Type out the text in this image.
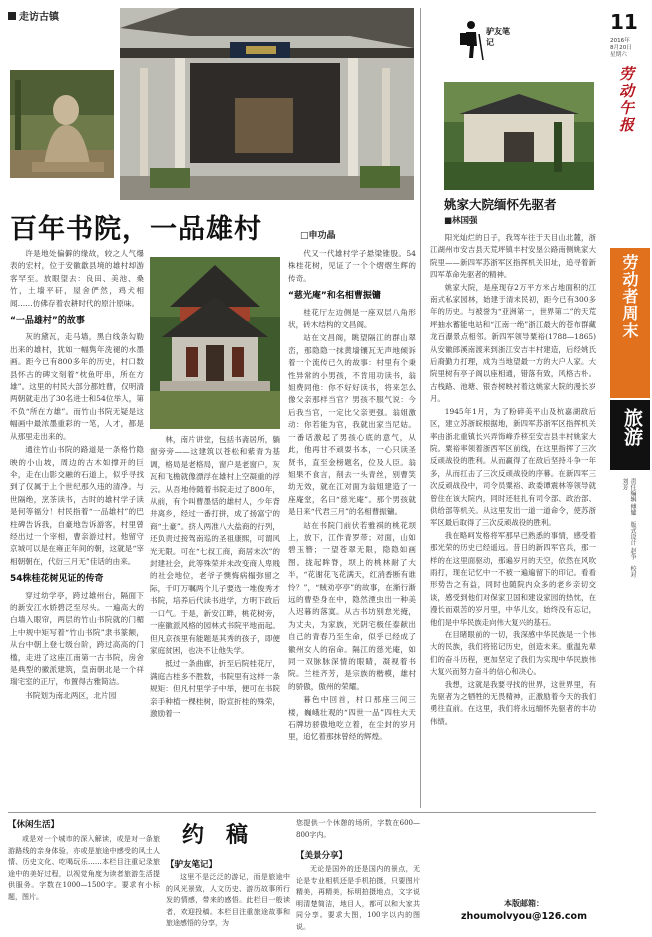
走访古镇
百年书院，一品雄村	□申功晶

许是地处偏僻的缘故，较之人气爆表的宏村，位于安徽歙县境的雄村却游客罕至。放眼望去：良田、美池、桑竹，土墙平矸，屋舍俨然，鸡犬相闻……仿佛存着农耕时代的原汁原味。

“一品雄村”的故事

灰的黛瓦，走马墙，黑白线条勾勒出来的雄村，犹如一幅隽年洗褪的水墨画。距今已有800多年的历史，村口数县怀古的碑文刻着“枕鱼吁串，所在方雄”。这里的村民大部分都姓曹，仅明清两朝就走出了30名进士和54位举人，第不负“所在方雄”。而竹山书院无疑是这幅画中最浓墨重彩的一笔，人才，都是从那里走出来的。

通往竹山书院的路道是一条格竹隐映的小山坡，周边的古木如撑开的巨伞，走在山影交融的石道上，似乎寻找到了仅属于上个世纪那久违的清净。与世隔绝，烹茶读书，古时的雄村学子读是何等福分！村民指着“一品雄村”的巴柱碑告诉我，自豪地告诉游客，村里曾经出过一个宰相，曹亲游过村，他留守京城可以是在雍正年间的朝，这就是“宰相朝朝在，代衍三月无”佳话的由来。

54株桂花树见证的传奇

穿过幼学亭，跨过雄州台，隔面下的新安江水娇碧泛至尽头。一遍高大的白墙入眼帘，两层的竹山书院就的门楣上中规中矩写着“竹山书院”隶书篆额，从台中朝上登七级台阶，跨过高高的门槛，走进了这座江南第一古书院，房舍是典型的徽派建筑，皇南朝北是一个祥瑞宅室的正厅，布置得古雅简洁。

书院划为南北两区，北片园

林，南片讲堂，包括书斋居所，躺窗旁旁——这建筑以苍松和紫青为基调，格局是老格局，窗户是老窗户，灰瓦和飞檐就像漂浮在雄村上空凝重的浮云。从吾地侍随着书院走过了800年，从前，有个叫曹墨恬的雄村人，少年背井离乡，经过一番打拼，成了扬富宁的商“土豪”。挤人两准八大盐商的行列，还负责过接驾南巡的圣祖康熙，可谓风光无限。可在“七叔工商，商居末次”的封建社会，此等殊荣并未改变商人卑贱的社会地位，老爷子懊悔病榻弥留之际，千叮万嘱两个儿子要选一堆俊秀才书院，培养后代读书进学，方明下政后一口气。于是，新安江畔，桃花树旁，一座徽派风格的园林式书院平地而起。但凡京孩里有能题是其秀的孩子，即便家庭贫困，也决不让他失学。

抵过一条曲廊，折至后院桂花厅，满庭古桂多不胜数，书院里有这样一条规矩：但凡村里学子中举，便可在书院亲手种植一棵桂树，盼宣折桂的殊荣，激励着一

代又一代雄村学子悬梁锥股。54株桂花树，见证了一个个熠熠生辉的传奇。

“慈光庵”和名相曹振镛

桂花厅左边侧是一座双层八角形状，砖木结构的文昌阁。

站在文昌阁，眺望隔江的群山翠峦，那隐隐一抹黄墙镶瓦无声地倾诉着一个流传已久的故事：村里有个秉性异常的小男孩，不肯用功读书，翁姐费同他：你不好好读书，将来怎么像父亲那样当官？男孩不服气说：今后我当官，一定比父亲更强。翁姐激动：你若能为官，我就出家当尼姑。一番话激起了男孩心底的意气，从此，他再甘不顽耍书本，一心只读圣贤书，直至金榜题名，位及人臣。翁姐果不食言，削去一头青丝，别曹笑幼无效，就在江对面为翁姐建造了一座庵堂，名曰“慈光庵”。那个男孩就是日来“代君三月”的名相曹振镛。

站在书院门前伏若雅祺的桃花坝上，放下，江作青罗带；对面，山如碧玉簪；一望苍翠无限，隐隐如画图。拢起眸脊，坝上的桃林耐了大半，“花谢花飞花满天，红消香断有谁怜？”，“贼劝亭亭”的故事，在渐行渐远的曹垫身在中，隐然湮虫出一种美人迟暮的落寞。从古书坊别怠光掩，为丈夫，为家族，光阴宅极任泰献出自己的青春乃至生命，似乎已经成了徽州女人的宿命。隔江的慈光庵，如同一双脉脉深情的眼睛，凝视着书院。兰桂齐芳，是宗族的楷模，雄村的骄傲，傲州的荣耀。

暮色中回首，村口那座三间三楼，巍峨壮观的“四世一品”四柱大天石牌坊骄傲地吃立着，在尘封的岁月里，追忆着那抹曾经的辉煌。

驴友笔记
姚家大院缅怀先驱者
■林国强

阳光灿烂的日子，我驾车往于天目山北麓，浙江湖州市安吉县天荒坪镇丰村安垦公路南侧姚家大院里——新四军苏浙军区指挥机关旧址，追寻着新四军革命先驱者的精神。

姚家大院，是座现存2万平方米占地面积的江南式私家园林，始建于清末民初，距今已有300多年的历史。与被誉为“亚洲第一，世界第二”的天荒坪抽水蓄能电站和“江南一绝”浙江最大的苍布群藏龙百瀑景点相邻。新四军领导粟裕(1788—1865)从安徽郎溪南渡来到浙江安吉丰村建造，后经姚氏后裔勤力打理，成为当地望最一方的大户人家。大院里树有亭子阁以座相通，错落有致，风格古朴。古栈路、池塘、银杏树映衬着这姚家大院的漫长岁月。

1945年1月，为了粉碎美平山及杭嘉湖敌后区，建立苏浙皖根据地，新四军苏浙军区指挥机关率由浙北重镇长兴弄饰峰乔移至安吉县丰村姚家大院。粟裕率领着浙西军区前线，在这里指挥了三次反顽战役的胜利。从而赢得了在敌后坚持斗争一年多，从而扛击了三次反顽战役的序幕。在新四军三次反顽战役中，司令员粟裕、政委谭震林等领导就曾住在该大院内，同时还驻扎有司令部、政治部、供给部等机关。从这里发出一道一道命令，使苏浙军区最后取得了三次反顽战役的胜利。

我在略呵发格将军那早已熟悉的事情，感受着那光荣的历史已经遥远。昔日的新四军官兵，那一样的在这里面驱动，那遍岁月的天空，依然在风吹雨打，现在记忆中一不被一遍遍留下的印记。看看形势告之有益，同时也随院内众多的老乡亲切交谈，感受到他们对保家卫国和建设家园的热忱，在漫长而艰苦的岁月里，中华儿女，始终没有忘记，他们是中华民族走向伟大复兴的基石。

在目睹眼前的一切，我深感中华民族是一个伟大的民族，我们将铭记历史，创造未来。重温先辈们的奋斗历程，更加坚定了我们为实现中华民族伟大复兴而努力奋斗的信心和决心。

我想，这就是我要寻找的世界，这世界里，有先驱者为之牺牲的无畏精神，正激励着今天的我们勇往直前。在这里，我们将永远缅怀先驱者的丰功伟绩。

11
2016年
8月20日
星期六
劳动午报
劳动者周末
旅游
责任编辑 傅耀　版式设计 赵争　校对 刘芳
【休闲生活】
或是对一个城市的深入解读，或是对一条旅游路线的亲身体验，亦或是旅途中感受的风土人情、历史文化、吃喝玩乐……本栏目注重记录旅途中的美好过程，以视觉角度为读者旅游生活提供服务。字数在1000—1500字。要求有小标题，图片。
约　稿
【驴友笔记】
这里不是泛泛的游记，而是旅途中的风光景致，人文历史、游历故事所行发的情感，带来的感悟。此栏目一般读者，欢迎投稿。本栏目注重旅途故事和旅途感悟的分享，为
您提供一个休憩的场所，字数在600—800字内。
【美景分享】
无论是国外的还是国内的景点，无论是专业相机还是手机拍摄，只要图片精美，再精美，标明拍摄地点，文字说明清楚简洁，地目人，都可以和大家共同分享。要求大图，100字以内的图说。
本版邮箱：
zhoumolvyou@126.com
